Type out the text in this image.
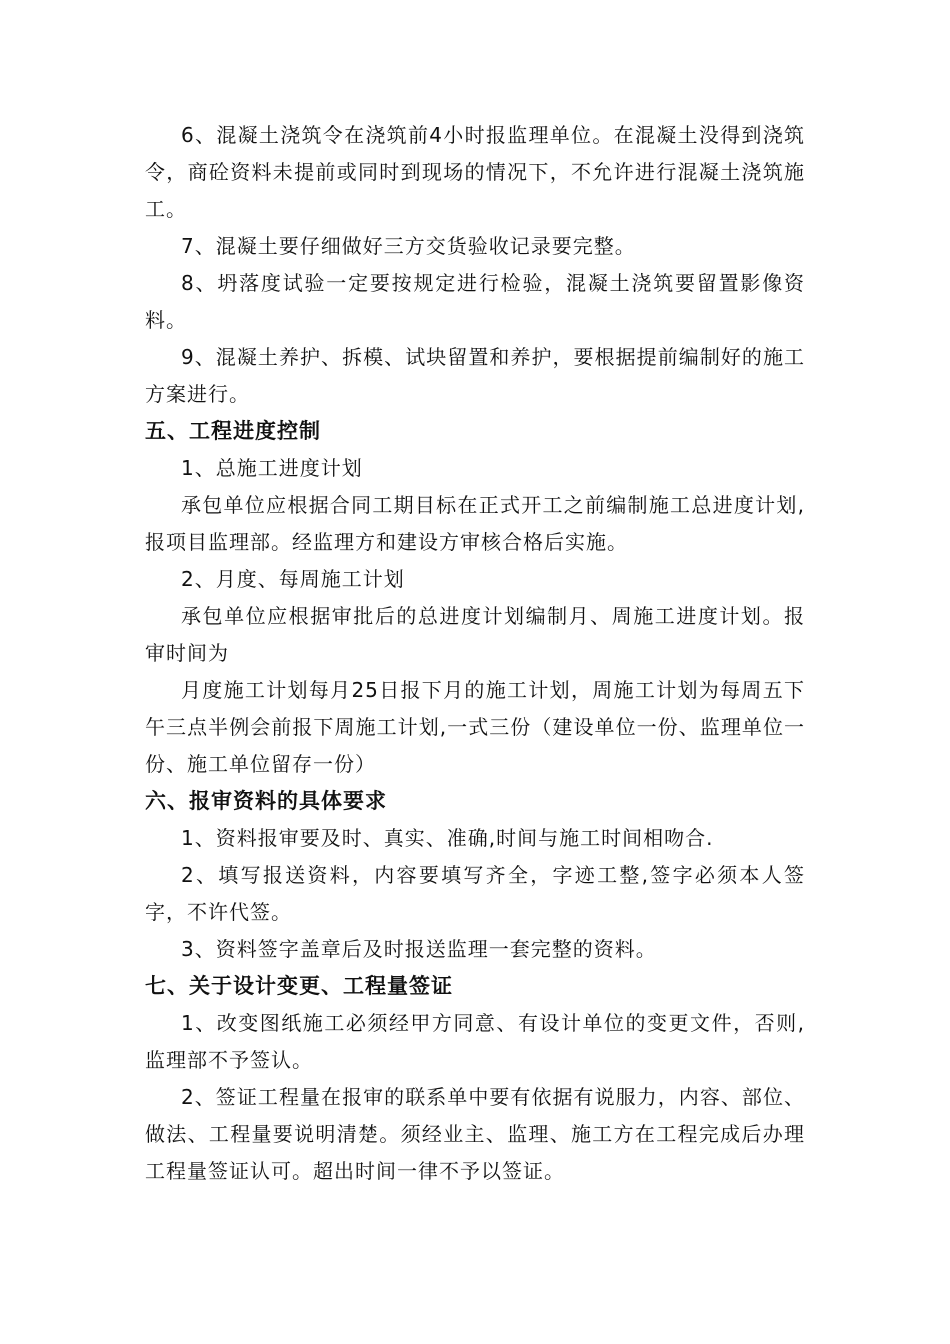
6、混凝土浇筑令在浇筑前4小时报监理单位。在混凝土没得到浇筑令，商砼资料未提前或同时到现场的情况下，不允许进行混凝土浇筑施工。

7、混凝土要仔细做好三方交货验收记录要完整。

8、坍落度试验一定要按规定进行检验，混凝土浇筑要留置影像资料。

9、混凝土养护、拆模、试块留置和养护，要根据提前编制好的施工方案进行。

五、工程进度控制

1、总施工进度计划

承包单位应根据合同工期目标在正式开工之前编制施工总进度计划,报项目监理部。经监理方和建设方审核合格后实施。

2、月度、每周施工计划

承包单位应根据审批后的总进度计划编制月、周施工进度计划。报审时间为

月度施工计划每月25日报下月的施工计划，周施工计划为每周五下午三点半例会前报下周施工计划,一式三份（建设单位一份、监理单位一份、施工单位留存一份）

六、报审资料的具体要求

1、资料报审要及时、真实、准确,时间与施工时间相吻合.

2、填写报送资料，内容要填写齐全，字迹工整,签字必须本人签字，不许代签。

3、资料签字盖章后及时报送监理一套完整的资料。

七、关于设计变更、工程量签证

1、改变图纸施工必须经甲方同意、有设计单位的变更文件，否则,监理部不予签认。

2、签证工程量在报审的联系单中要有依据有说服力，内容、部位、做法、工程量要说明清楚。须经业主、监理、施工方在工程完成后办理工程量签证认可。超出时间一律不予以签证。
